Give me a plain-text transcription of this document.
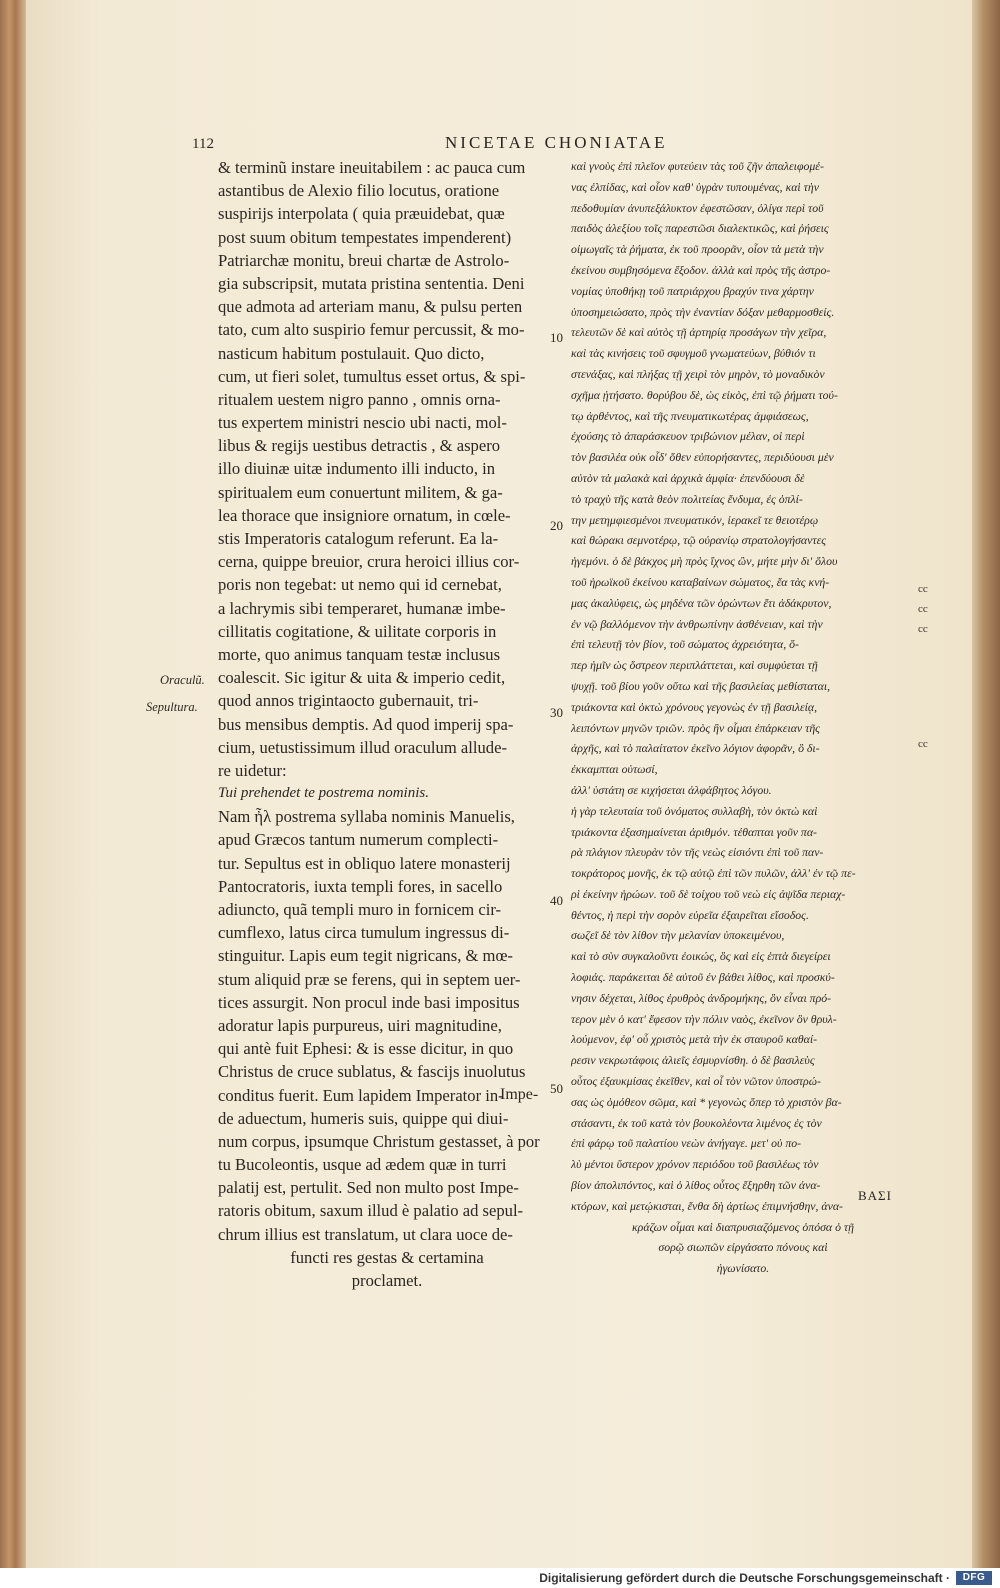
112	NICETAE CHONIATAE
& terminũ instare ineuitabilem : ac pauca cum
astantibus de Alexio filio locutus, oratione
suspirijs interpolata ( quia præuidebat, quæ
post suum obitum tempestates impenderent)
Patriarchæ monitu, breui chartæ de Astrolo-
gia subscripsit, mutata pristina sententia. Deni
que admota ad arteriam manu, & pulsu perten
tato, cum alto suspirio femur percussit, & mo-
nasticum habitum postulauit. Quo dicto,
cum, ut fieri solet, tumultus esset ortus, & spi-
ritualem uestem nigro panno , omnis orna-
tus expertem ministri nescio ubi nacti, mol-
libus & regijs uestibus detractis , & aspero
illo diuinæ uitæ indumento illi inducto, in
spiritualem eum conuertunt militem, & ga-
lea thorace que insigniore ornatum, in cœle-
stis Imperatoris catalogum referunt. Ea la-
cerna, quippe breuior, crura heroici illius cor-
poris non tegebat: ut nemo qui id cernebat,
a lachrymis sibi temperaret, humanæ imbe-
cillitatis cogitatione, & uilitate corporis in
morte, quo animus tanquam testæ inclusus
coalescit. Sic igitur & uita & imperio cedit,
quod annos trigintaocto gubernauit, tri-
bus mensibus demptis. Ad quod imperij spa-
cium, uetustissimum illud oraculum allude-
re uidetur:
Tui prehendet te postrema nominis.
Nam ἦλ postrema syllaba nominis Manuelis,
apud Græcos tantum numerum complecti-
tur. Sepultus est in obliquo latere monasterij
Pantocratoris, iuxta templi fores, in sacello
adiuncto, quã templi muro in fornicem cir-
cumflexo, latus circa tumulum ingressus di-
stinguitur. Lapis eum tegit nigricans, & mœ-
stum aliquid præ se ferens, qui in septem uer-
tices assurgit. Non procul inde basi impositus
adoratur lapis purpureus, uiri magnitudine,
qui antè fuit Ephesi: & is esse dicitur, in quo
Christus de cruce sublatus, & fascijs inuolutus
conditus fuerit. Eum lapidem Imperator in-
de aduectum, humeris suis, quippe qui diui-
num corpus, ipsumque Christum gestasset, à por
tu Bucoleontis, usque ad ædem quæ in turri
palatij est, pertulit. Sed non multo post Impe-
ratoris obitum, saxum illud è palatio ad sepul-
chrum illius est translatum, ut clara uoce de-
functi res gestas & certamina
proclamet.
καὶ γνοὺς ἐπὶ πλεῖον φυτεύειν τὰς τοῦ ζῆν ἀπαλειφομέ-
νας ἐλπίδας, καὶ οἷον καθ' ὑγρὰν τυπουμένας, καὶ τὴν
πεδοθυμίαν ἀνυπεξάλυκτον ἐφεστῶσαν, ὀλίγα περὶ τοῦ
παιδὸς ἀλεξίου τοῖς παρεστῶσι διαλεκτικῶς, καὶ ῥήσεις
οἰμωγαῖς τὰ ῥήματα, ἐκ τοῦ προορᾶν, οἷον τὰ μετὰ τὴν
ἐκείνου συμβησόμενα ἔξοδον. ἀλλὰ καὶ πρὸς τῆς ἀστρο-
νομίας ὑποθήκῃ τοῦ πατριάρχου βραχύν τινα χάρτην
ὑποσημειώσατο, πρὸς τὴν ἐναντίαν δόξαν μεθαρμοσθείς.
τελευτῶν δὲ καὶ αὐτὸς τῇ ἀρτηρίᾳ προσάγων τὴν χεῖρα,
καὶ τὰς κινήσεις τοῦ σφυγμοῦ γνωματεύων, βύθιόν τι
στενάξας, καὶ πλήξας τῇ χειρὶ τὸν μηρὸν, τὸ μοναδικὸν
σχῆμα ᾐτήσατο. θορύβου δὲ, ὡς εἰκὸς, ἐπὶ τῷ ῥήματι τού-
τῳ ἀρθέντος, καὶ τῆς πνευματικωτέρας ἀμφιάσεως,
ἐχούσης τὸ ἀπαράσκευον τριβώνιον μέλαν, οἱ περὶ
τὸν βασιλέα οὐκ οἶδ' ὅθεν εὐπορήσαντες, περιδύουσι μὲν
αὐτὸν τὰ μαλακὰ καὶ ἀρχικὰ ἀμφία· ἐπενδύουσι δὲ
τὸ τραχὺ τῆς κατὰ θεὸν πολιτείας ἔνδυμα, ἐς ὁπλί-
την μετημφιεσμένοι πνευματικόν, ἱερακεῖ τε θειοτέρῳ
καὶ θώρακι σεμνοτέρῳ, τῷ οὐρανίῳ στρατολογήσαντες
ἡγεμόνι. ὁ δὲ βάκχος μὴ πρὸς ἴχνος ὢν, μήτε μὴν δι' ὅλου
τοῦ ἡρωϊκοῦ ἐκείνου καταβαίνων σώματος, ἔα τὰς κνή-
μας ἀκαλύφεις, ὡς μηδένα τῶν ὁρώντων ἔτι ἀδάκρυτον,
ἐν νῷ βαλλόμενον τὴν ἀνθρωπίνην ἀσθένειαν, καὶ τὴν
ἐπὶ τελευτῇ τὸν βίον, τοῦ σώματος ἀχρειότητα, ὅ-
περ ἡμῖν ὡς ὄστρεον περιπλάττεται, καὶ συμφύεται τῇ
ψυχῇ. τοῦ βίου γοῦν οὕτω καὶ τῆς βασιλείας μεθίσταται,
τριάκοντα καὶ ὀκτὼ χρόνους γεγονὼς ἐν τῇ βασιλείᾳ,
λειπόντων μηνῶν τριῶν. πρὸς ἣν οἶμαι ἐπάρκειαν τῆς
ἀρχῆς, καὶ τὸ παλαίτατον ἐκεῖνο λόγιον ἀφορᾶν, ὃ δι-
ἐκκαμπται οὑτωσί,
ἀλλ' ὑστάτη σε κιχήσεται ἀλφάβητος λόγου.
ἡ γὰρ τελευταία τοῦ ὀνόματος συλλαβὴ, τὸν ὀκτὼ καὶ
τριάκοντα ἐξασημαίνεται ἀριθμόν. τέθαπται γοῦν πα-
ρὰ πλάγιον πλευρὰν τὸν τῆς νεὼς εἰσιόντι ἐπὶ τοῦ παν-
τοκράτορος μονῆς, ἐκ τῷ αὐτῷ ἐπὶ τῶν πυλῶν, ἀλλ' ἐν τῷ πε-
ρὶ ἐκείνην ἡρώων. τοῦ δὲ τοίχου τοῦ νεὼ εἰς ἀψῖδα περιαχ-
θέντος, ἡ περὶ τὴν σορὸν εὐρεῖα ἐξαιρεῖται εἴσοδος.
σωζεῖ δὲ τὸν λίθον τὴν μελανίαν ὑποκειμένου,
καὶ τὸ σὺν συγκαλοῦντι ἐοικώς, ὃς καὶ εἰς ἑπτὰ διεγείρει
λοφιάς. παράκειται δὲ αὐτοῦ ἐν βάθει λίθος, καὶ προσκύ-
νησιν δέχεται, λίθος ἐρυθρὸς ἀνδρομήκης, ὃν εἶναι πρό-
τερον μὲν ὁ κατ' ἔφεσον τὴν πόλιν ναὸς, ἐκεῖνον ὃν θρυλ-
λούμενον, ἐφ' οὗ χριστὸς μετὰ τὴν ἐκ σταυροῦ καθαί-
ρεσιν νεκρωτάφοις ἁλιεῖς ἐσμυρνίσθη. ὁ δὲ βασιλεὺς
οὗτος ἐξαυκμίσας ἐκεῖθεν, καὶ οἷ τὸν νῶτον ὑποστρώ-
σας ὡς ὁμόθεον σῶμα, καὶ * γεγονὼς ὅπερ τὸ χριστὸν βα-
στάσαντι, ἐκ τοῦ κατὰ τὸν βουκολέοντα λιμένος ἐς τὸν
ἐπὶ φάρῳ τοῦ παλατίου νεὼν ἀνήγαγε. μετ' οὐ πο-
λὺ μέντοι ὕστερον χρόνον περιόδου τοῦ βασιλέως τὸν
βίον ἀπολιπόντος, καὶ ὁ λίθος οὗτος ἔξηρθη τῶν ἀνα-
κτόρων, καὶ μετῴκισται, ἔνθα δὴ ἀρτίως ἐπιμνήσθην, ἀνα-
κράζων οἶμαι καὶ διαπρυσιαζόμενος ὁπόσα ὁ τῇ
σορῷ σιωπῶν εἰργάσατο πόνους καὶ
ἠγωνίσατο.
Oraculũ.
Sepultura.
10
20
30
40
50
cc
cc
cc
cc
Impe-
ΒΑΣΙ
Digitalisierung gefördert durch die Deutsche Forschungsgemeinschaft ·	DFG
